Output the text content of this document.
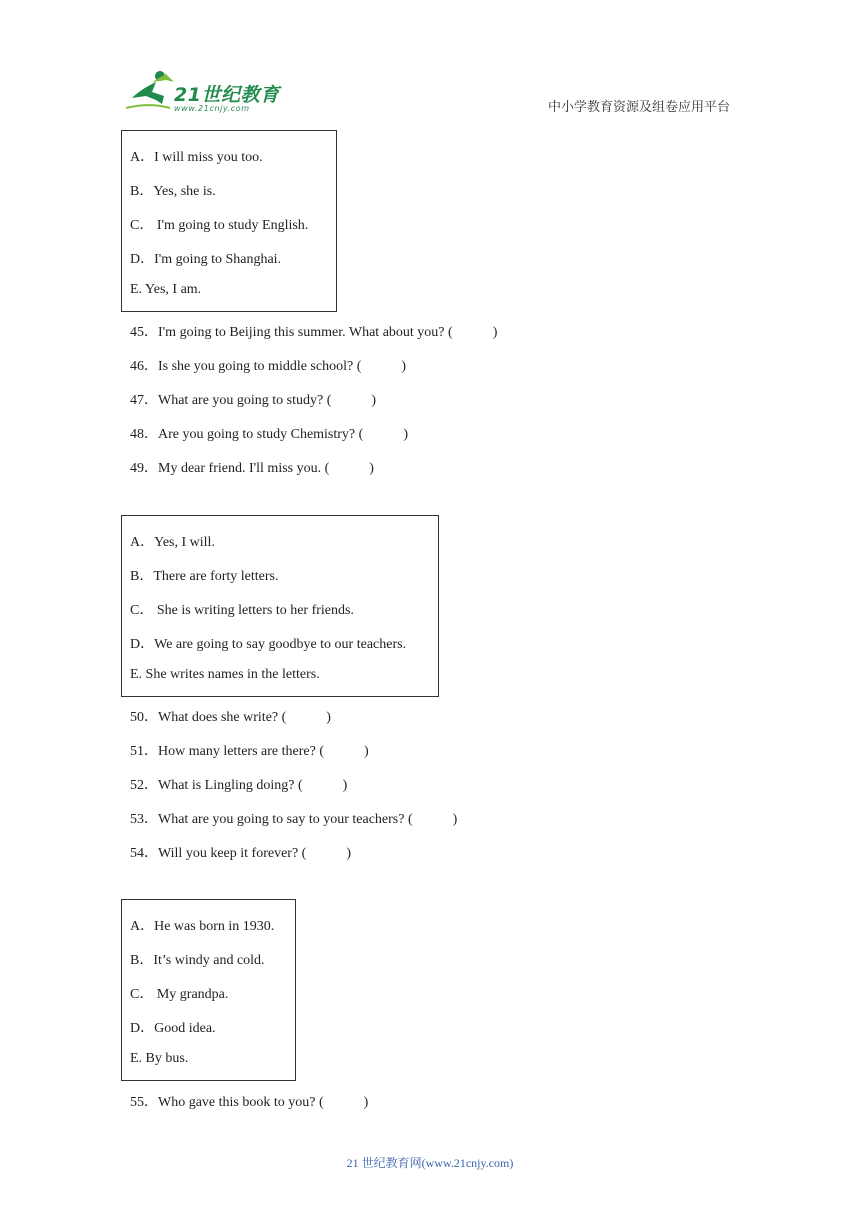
21世纪教育
www.21cnjy.com	中小学教育资源及组卷应用平台
A．I will miss you too.
B．Yes, she is.
C． I'm going to study English.
D．I'm going to Shanghai.
E. Yes, I am.
45．I'm going to Beijing this summer. What about you? (	)
46．Is she you going to middle school? (	)
47．What are you going to study? (	)
48．Are you going to study Chemistry? (	)
49．My dear friend. I'll miss you. (	)
A．Yes, I will.
B．There are forty letters.
C． She is writing letters to her friends.
D．We are going to say goodbye to our teachers.
E. She writes names in the letters.
50．What does she write? (	)
51．How many letters are there? (	)
52．What is Lingling doing? (	)
53．What are you going to say to your teachers? (	)
54．Will you keep it forever? (	)
A．He was born in 1930.
B．It’s windy and cold.
C． My grandpa.
D．Good idea.
E. By bus.
55．Who gave this book to you? (	)
21 世纪教育网(www.21cnjy.com)
